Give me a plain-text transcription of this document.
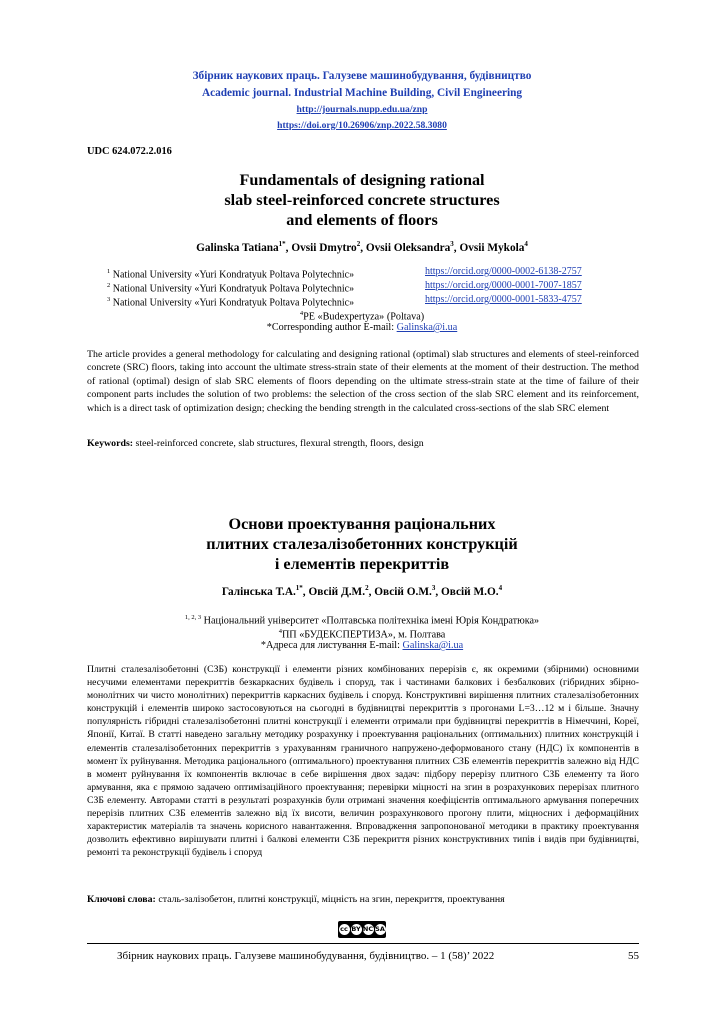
Збірник наукових праць. Галузеве машинобудування, будівництво
Academic journal. Industrial Machine Building, Civil Engineering
http://journals.nupp.edu.ua/znp
https://doi.org/10.26906/znp.2022.58.3080
UDC 624.072.2.016
Fundamentals of designing rational
slab steel-reinforced concrete structures
and elements of floors
Galinska Tatiana$^{1*}$, Ovsii Dmytro$^2$, Ovsii Oleksandra$^3$, Ovsii Mykola$^4$
$^1$ National University «Yuri Kondratyuk Poltava Polytechnic»	https://orcid.org/0000-0002-6138-2757
$^2$ National University «Yuri Kondratyuk Poltava Polytechnic»	https://orcid.org/0000-0001-7007-1857
$^3$ National University «Yuri Kondratyuk Poltava Polytechnic»	https://orcid.org/0000-0001-5833-4757
$^4$PE «Budexpertyza» (Poltava)
*Corresponding author E-mail: Galinska@i.ua
The article provides a general methodology for calculating and designing rational (optimal) slab structures and elements of steel-reinforced concrete (SRC) floors, taking into account the ultimate stress-strain state of their elements at the moment of their destruction. The method of rational (optimal) design of slab SRC elements of floors depending on the ultimate stress-strain state at the time of failure of their component parts includes the solution of two problems: the selection of the cross section of the slab SRC element and its reinforcement, which is a direct task of optimization design; checking the bending strength in the calculated cross-sections of the slab SRC element
Keywords: steel-reinforced concrete, slab structures, flexural strength, floors, design
Основи проектування раціональних
плитних сталезалізобетонних конструкцій
і елементів перекриттів
Галінська Т.А.$^{1*}$, Овсій Д.М.$^2$, Овсій О.М.$^3$, Овсій М.О.$^4$
$^{1, 2, 3}$ Національний університет «Полтавська політехніка імені Юрія Кондратюка»
$^4$ПП «БУДЕКСПЕРТИЗА», м. Полтава
*Адреса для листування E-mail: Galinska@i.ua
Плитні сталезалізобетонні (СЗБ) конструкції і елементи різних комбінованих перерізів є, як окремими (збірними) основними несучими елементами перекриттів безкаркасних будівель і споруд, так і частинами балкових і безбалкових (гібридних збірно-монолітних чи чисто монолітних) перекриттів каркасних будівель і споруд. Конструктивні вирішення плитних сталезалізобетонних конструкцій і елементів широко застосовуються на сьогодні в будівництві перекриттів з прогонами L=3…12 м і більше. Значну популярність гібридні сталезалізобетонні плитні конструкції і елементи отримали при будівництві перекриттів в Німеччині, Кореї, Японії, Китаї. В статті наведено загальну методику розрахунку і проектування раціональних (оптимальних) плитних конструкцій і елементів сталезалізобетонних перекриттів з урахуванням граничного напружено-деформованого стану (НДС) їх компонентів в момент їх руйнування. Методика раціонального (оптимального) проектування плитних СЗБ елементів перекриттів залежно від НДС в момент руйнування їх компонентів включає в себе вирішення двох задач: підбору перерізу плитного СЗБ елементу та його армування, яка є прямою задачею оптимізаційного проектування; перевірки міцності на згин в розрахункових перерізах плитного СЗБ елементу. Авторами статті в результаті розрахунків були отримані значення коефіцієнтів оптимального армування поперечних перерізів плитних СЗБ елементів залежно від їх висоти, величин розрахункового прогону плити, міцносних і деформаційних характеристик матеріалів та значень корисного навантаження. Впровадження запропонованої методики в практику проектування дозволить ефективно вирішувати плитні і балкові елементи СЗБ перекриття різних конструктивних типів і видів при будівництві, ремонті та реконструкції будівель і споруд
Ключові слова: сталь-залізобетон, плитні конструкції, міцність на згин, перекриття, проектування
cc BY NC SA
Збірник наукових праць. Галузеве машинобудування, будівництво. – 1 (58)’ 2022	55
